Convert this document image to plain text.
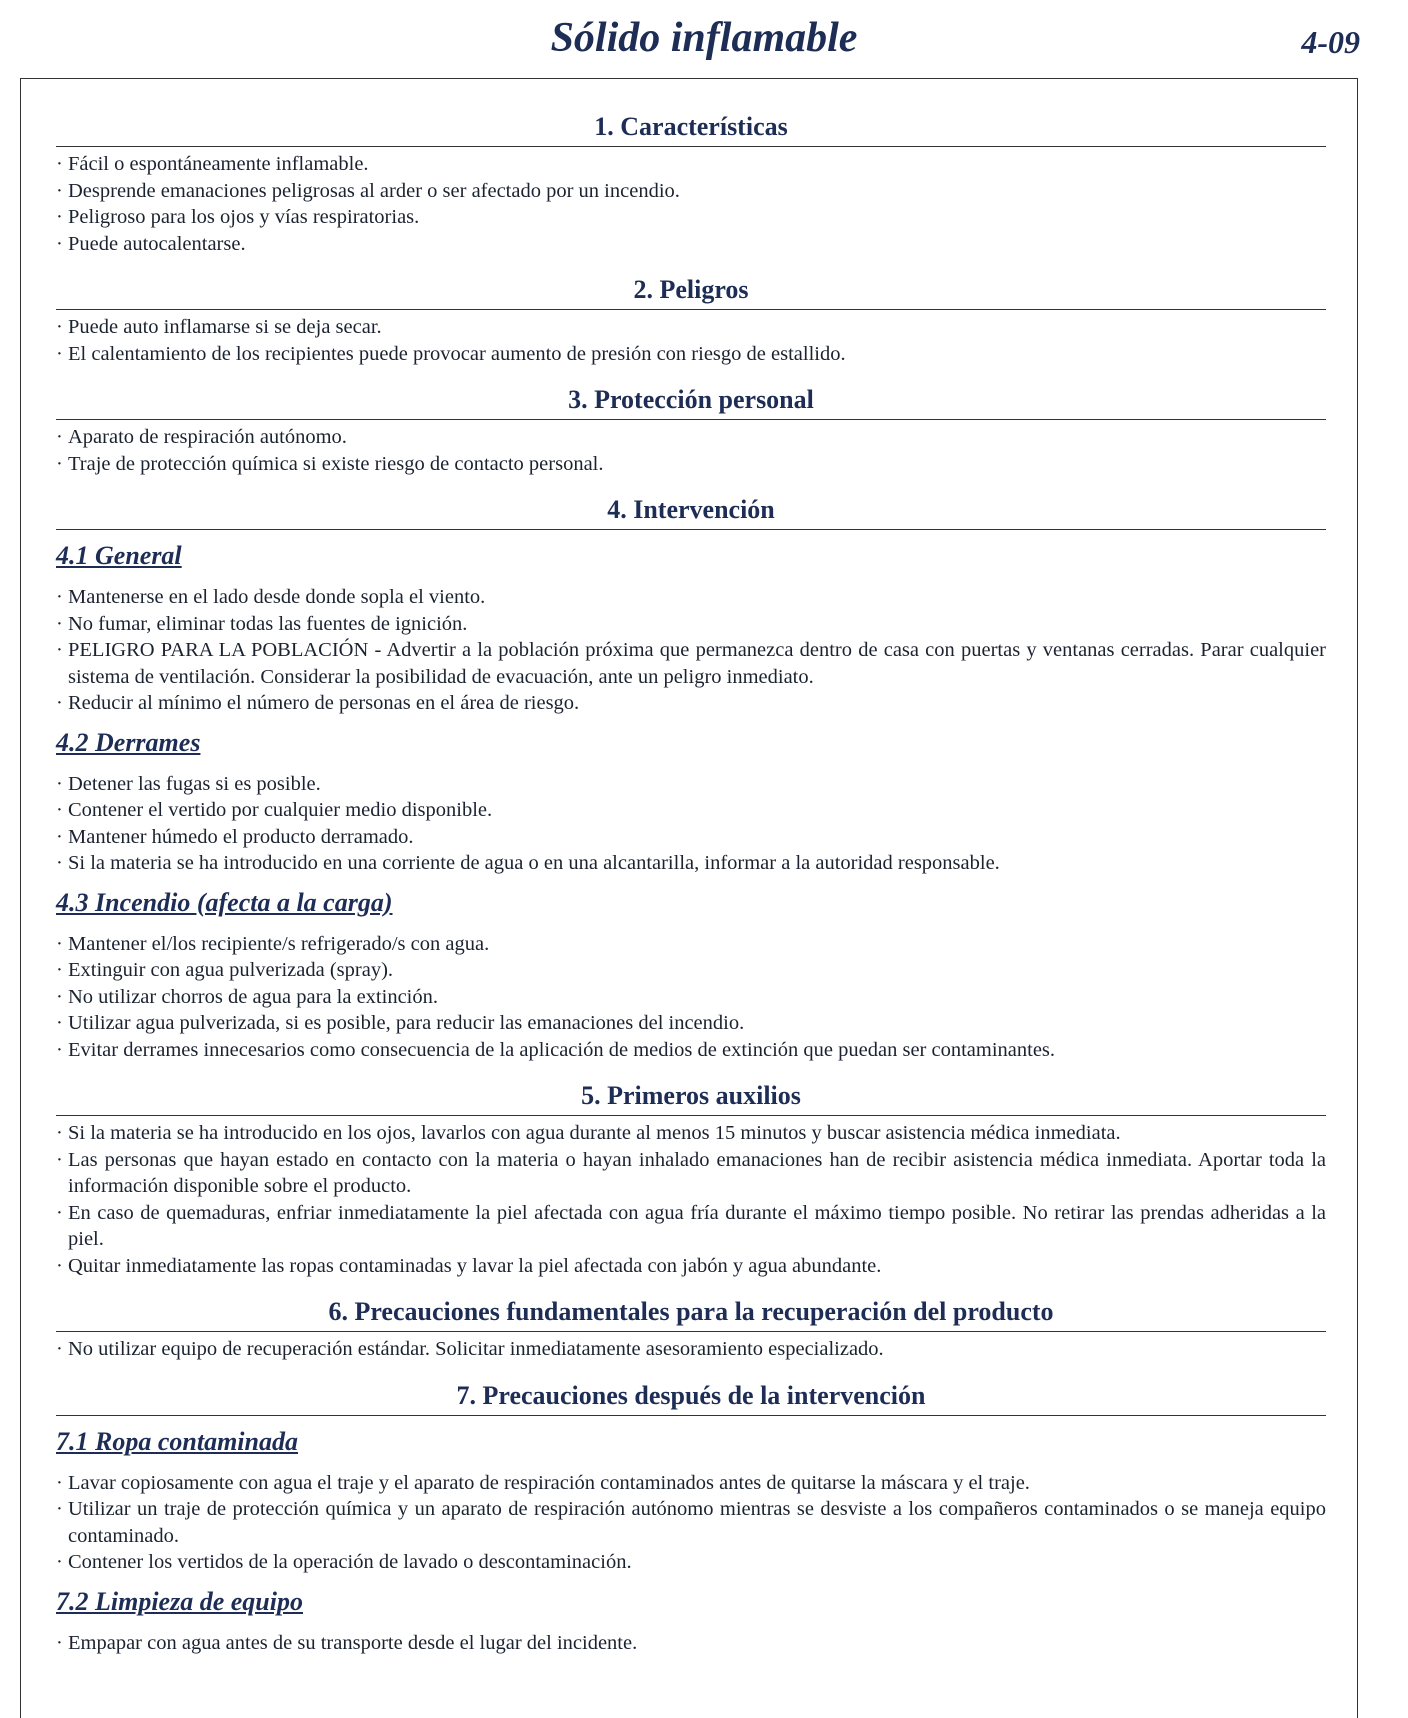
Sólido inflamable	4-09
1. Características
· Fácil o espontáneamente inflamable.
· Desprende emanaciones peligrosas al arder o ser afectado por un incendio.
· Peligroso para los ojos y vías respiratorias.
· Puede autocalentarse.
2. Peligros
· Puede auto inflamarse si se deja secar.
· El calentamiento de los recipientes puede provocar aumento de presión con riesgo de estallido.
3. Protección personal
· Aparato de respiración autónomo.
· Traje de protección química si existe riesgo de contacto personal.
4. Intervención
4.1 General
· Mantenerse en el lado desde donde sopla el viento.
· No fumar, eliminar todas las fuentes de ignición.
· PELIGRO PARA LA POBLACIÓN - Advertir a la población próxima que permanezca dentro de casa con puertas y ventanas cerradas. Parar cualquier sistema de ventilación. Considerar la posibilidad de evacuación, ante un peligro inmediato.
· Reducir al mínimo el número de personas en el área de riesgo.
4.2 Derrames
· Detener las fugas si es posible.
· Contener el vertido por cualquier medio disponible.
· Mantener húmedo el producto derramado.
· Si la materia se ha introducido en una corriente de agua o en una alcantarilla, informar a la autoridad responsable.
4.3 Incendio (afecta a la carga)
· Mantener el/los recipiente/s refrigerado/s con agua.
· Extinguir con agua pulverizada (spray).
· No utilizar chorros de agua para la extinción.
· Utilizar agua pulverizada, si es posible, para reducir las emanaciones del incendio.
· Evitar derrames innecesarios como consecuencia de la aplicación de medios de extinción que puedan ser contaminantes.
5. Primeros auxilios
· Si la materia se ha introducido en los ojos, lavarlos con agua durante al menos 15 minutos y buscar asistencia médica inmediata.
· Las personas que hayan estado en contacto con la materia o hayan inhalado emanaciones han de recibir asistencia médica inmediata. Aportar toda la información disponible sobre el producto.
· En caso de quemaduras, enfriar inmediatamente la piel afectada con agua fría durante el máximo tiempo posible. No retirar las prendas adheridas a la piel.
· Quitar inmediatamente las ropas contaminadas y lavar la piel afectada con jabón y agua abundante.
6. Precauciones fundamentales para la recuperación del producto
· No utilizar equipo de recuperación estándar. Solicitar inmediatamente asesoramiento especializado.
7. Precauciones después de la intervención
7.1 Ropa contaminada
· Lavar copiosamente con agua el traje y el aparato de respiración contaminados antes de quitarse la máscara y el traje.
· Utilizar un traje de protección química y un aparato de respiración autónomo mientras se desviste a los compañeros contaminados o se maneja equipo contaminado.
· Contener los vertidos de la operación de lavado o descontaminación.
7.2 Limpieza de equipo
· Empapar con agua antes de su transporte desde el lugar del incidente.
